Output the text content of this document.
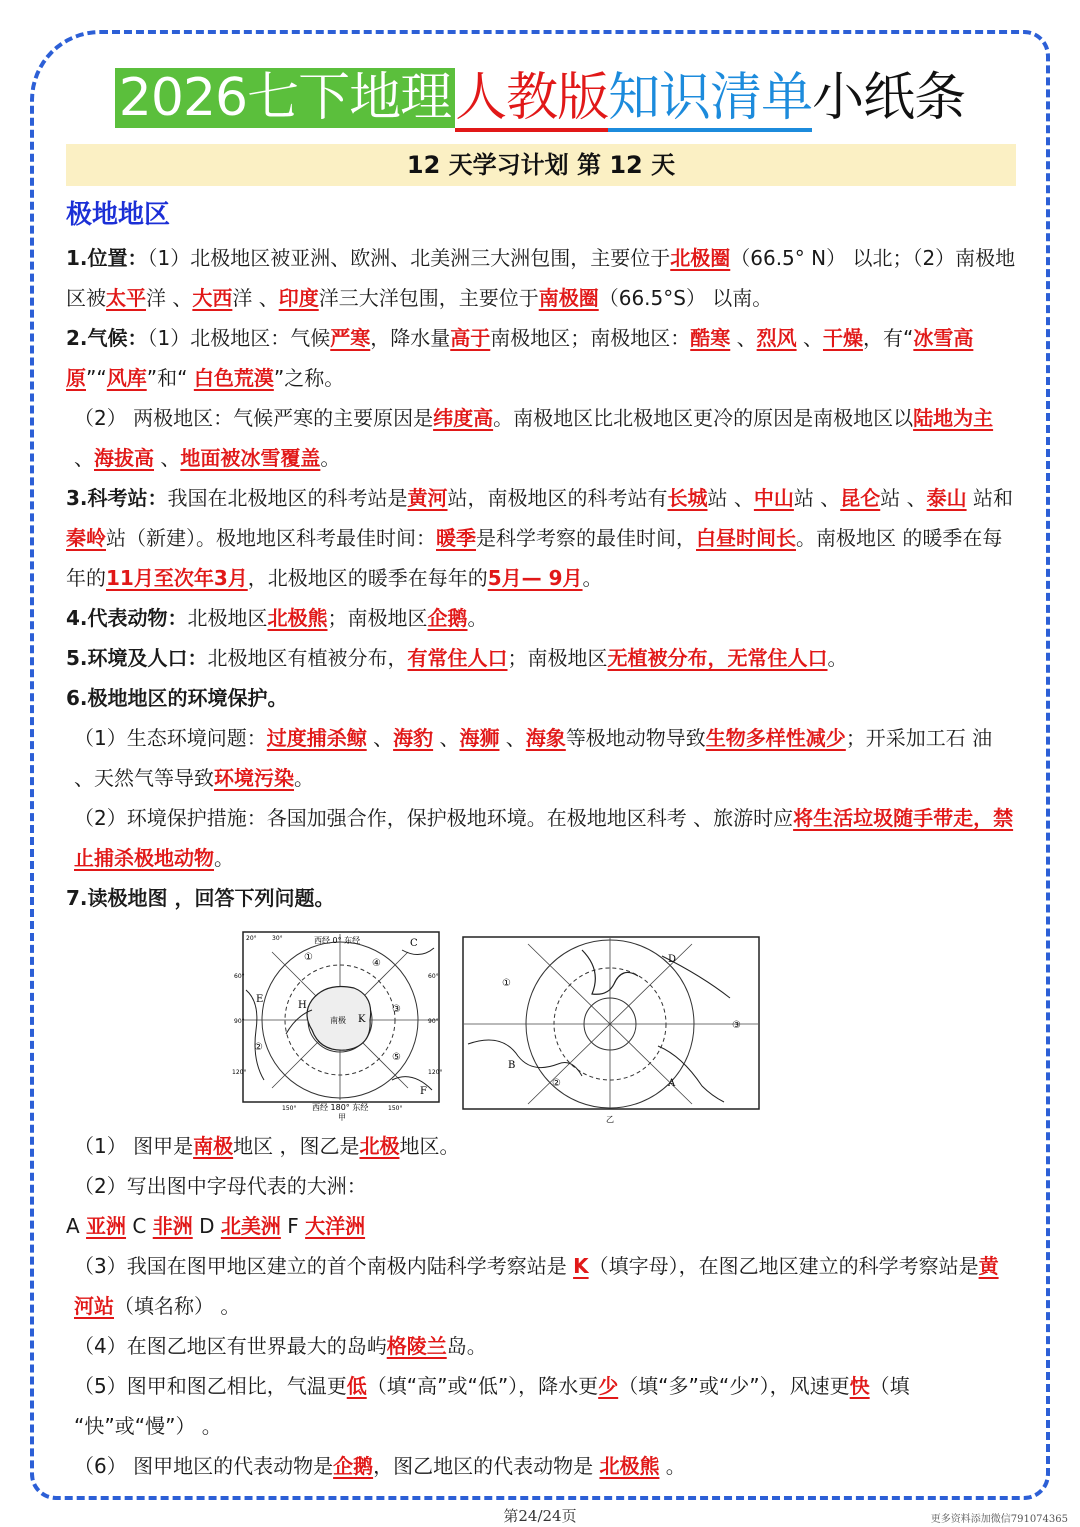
2026七下地理人教版知识清单小纸条
12 天学习计划 第 12 天
极地地区

1.位置：（1）北极地区被亚洲、欧洲、北美洲三大洲包围，主要位于北极圈（66.5° N） 以北；（2）南极地区被太平洋 、大西洋 、印度洋三大洋包围，主要位于南极圈（66.5°S） 以南。

2.气候：（1）北极地区：气候严寒，降水量高于南极地区；南极地区：酷寒 、烈风 、干燥，有“冰雪高原”“风库”和“ 白色荒漠”之称。

（2） 两极地区：气候严寒的主要原因是纬度高。南极地区比北极地区更冷的原因是南极地区以陆地为主 、海拔高 、地面被冰雪覆盖。

3.科考站：我国在北极地区的科考站是黄河站，南极地区的科考站有长城站 、中山站 、昆仑站 、泰山 站和秦岭站（新建）。极地地区科考最佳时间：暖季是科学考察的最佳时间，白昼时间长。南极地区 的暖季在每年的11月至次年3月，北极地区的暖季在每年的5月— 9月。

4.代表动物：北极地区北极熊；南极地区企鹅。

5.环境及人口：北极地区有植被分布，有常住人口；南极地区无植被分布，无常住人口。

6.极地地区的环境保护。

（1）生态环境问题：过度捕杀鲸 、海豹 、海狮 、海象等极地动物导致生物多样性减少；开采加工石 油 、天然气等导致环境污染。

（2）环境保护措施：各国加强合作，保护极地环境。在极地地区科考 、旅游时应将生活垃圾随手带走，禁止捕杀极地动物。

7.读极地图 ，回答下列问题。

西经 0° 东经
西经 180° 东经
甲
南极
C
E
H
K
F
①
②
③
④
⑤
20°	30°
60°
90°
120°
150°	150°
120°
90°
60°
D
B
A
①
②
③
乙

（1） 图甲是南极地区 ，图乙是北极地区。

（2）写出图中字母代表的大洲：

A 亚洲 C 非洲 D 北美洲 F 大洋洲

（3）我国在图甲地区建立的首个南极内陆科学考察站是 K（填字母），在图乙地区建立的科学考察站是黄河站（填名称） 。

（4）在图乙地区有世界最大的岛屿格陵兰岛。

（5）图甲和图乙相比，气温更低（填“高”或“低”），降水更少（填“多”或“少”），风速更快（填 “快”或“慢”） 。

（6） 图甲地区的代表动物是企鹅，图乙地区的代表动物是 北极熊 。

第24/24页	更多资料添加微信791074365
